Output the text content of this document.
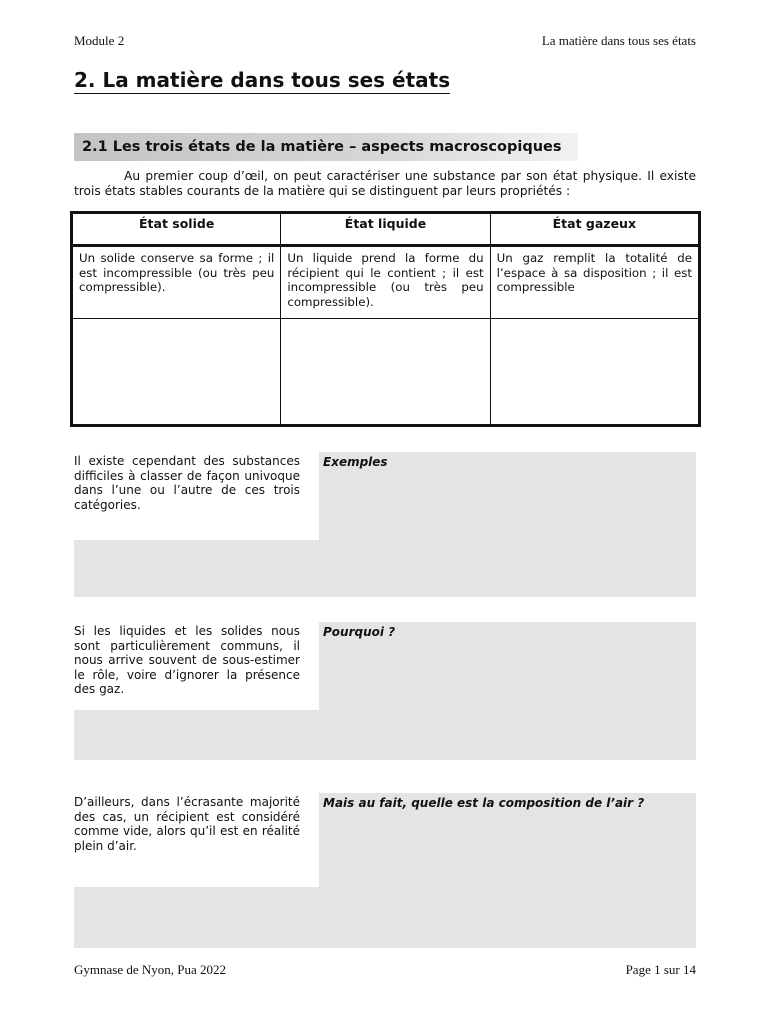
Module 2	La matière dans tous ses états
2. La matière dans tous ses états
2.1 Les trois états de la matière – aspects macroscopiques

Au premier coup d’œil, on peut caractériser une substance par son état physique. Il existe trois états stables courants de la matière qui se distinguent par leurs propriétés :

État solide	État liquide	État gazeux
Un solide conserve sa forme ; il est incompressible (ou très peu compressible).	Un liquide prend la forme du récipient qui le contient ; il est incompressible (ou très peu compressible).	Un gaz remplit la totalité de l’espace à sa disposition ; il est compressible

Il existe cependant des substances difficiles à classer de façon univoque dans l’une ou l’autre de ces trois catégories.

Exemples

Si les liquides et les solides nous sont particulièrement communs, il nous arrive souvent de sous-estimer le rôle, voire d’ignorer la présence des gaz.

Pourquoi ?

D’ailleurs, dans l’écrasante majorité des cas, un récipient est considéré comme vide, alors qu’il est en réalité plein d’air.

Mais au fait, quelle est la composition de l’air ?

Gymnase de Nyon, Pua 2022	Page 1 sur 14
